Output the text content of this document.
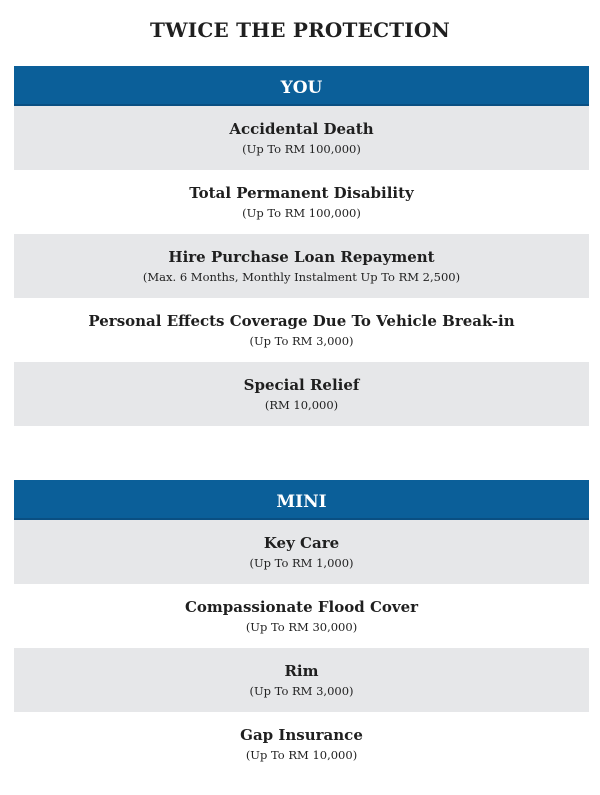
TWICE THE PROTECTION
YOU
Accidental Death
(Up To RM 100,000)
Total Permanent Disability
(Up To RM 100,000)
Hire Purchase Loan Repayment
(Max. 6 Months, Monthly Instalment Up To RM 2,500)
Personal Effects Coverage Due To Vehicle Break-in
(Up To RM 3,000)
Special Relief
(RM 10,000)
MINI
Key Care
(Up To RM 1,000)
Compassionate Flood Cover
(Up To RM 30,000)
Rim
(Up To RM 3,000)
Gap Insurance
(Up To RM 10,000)
